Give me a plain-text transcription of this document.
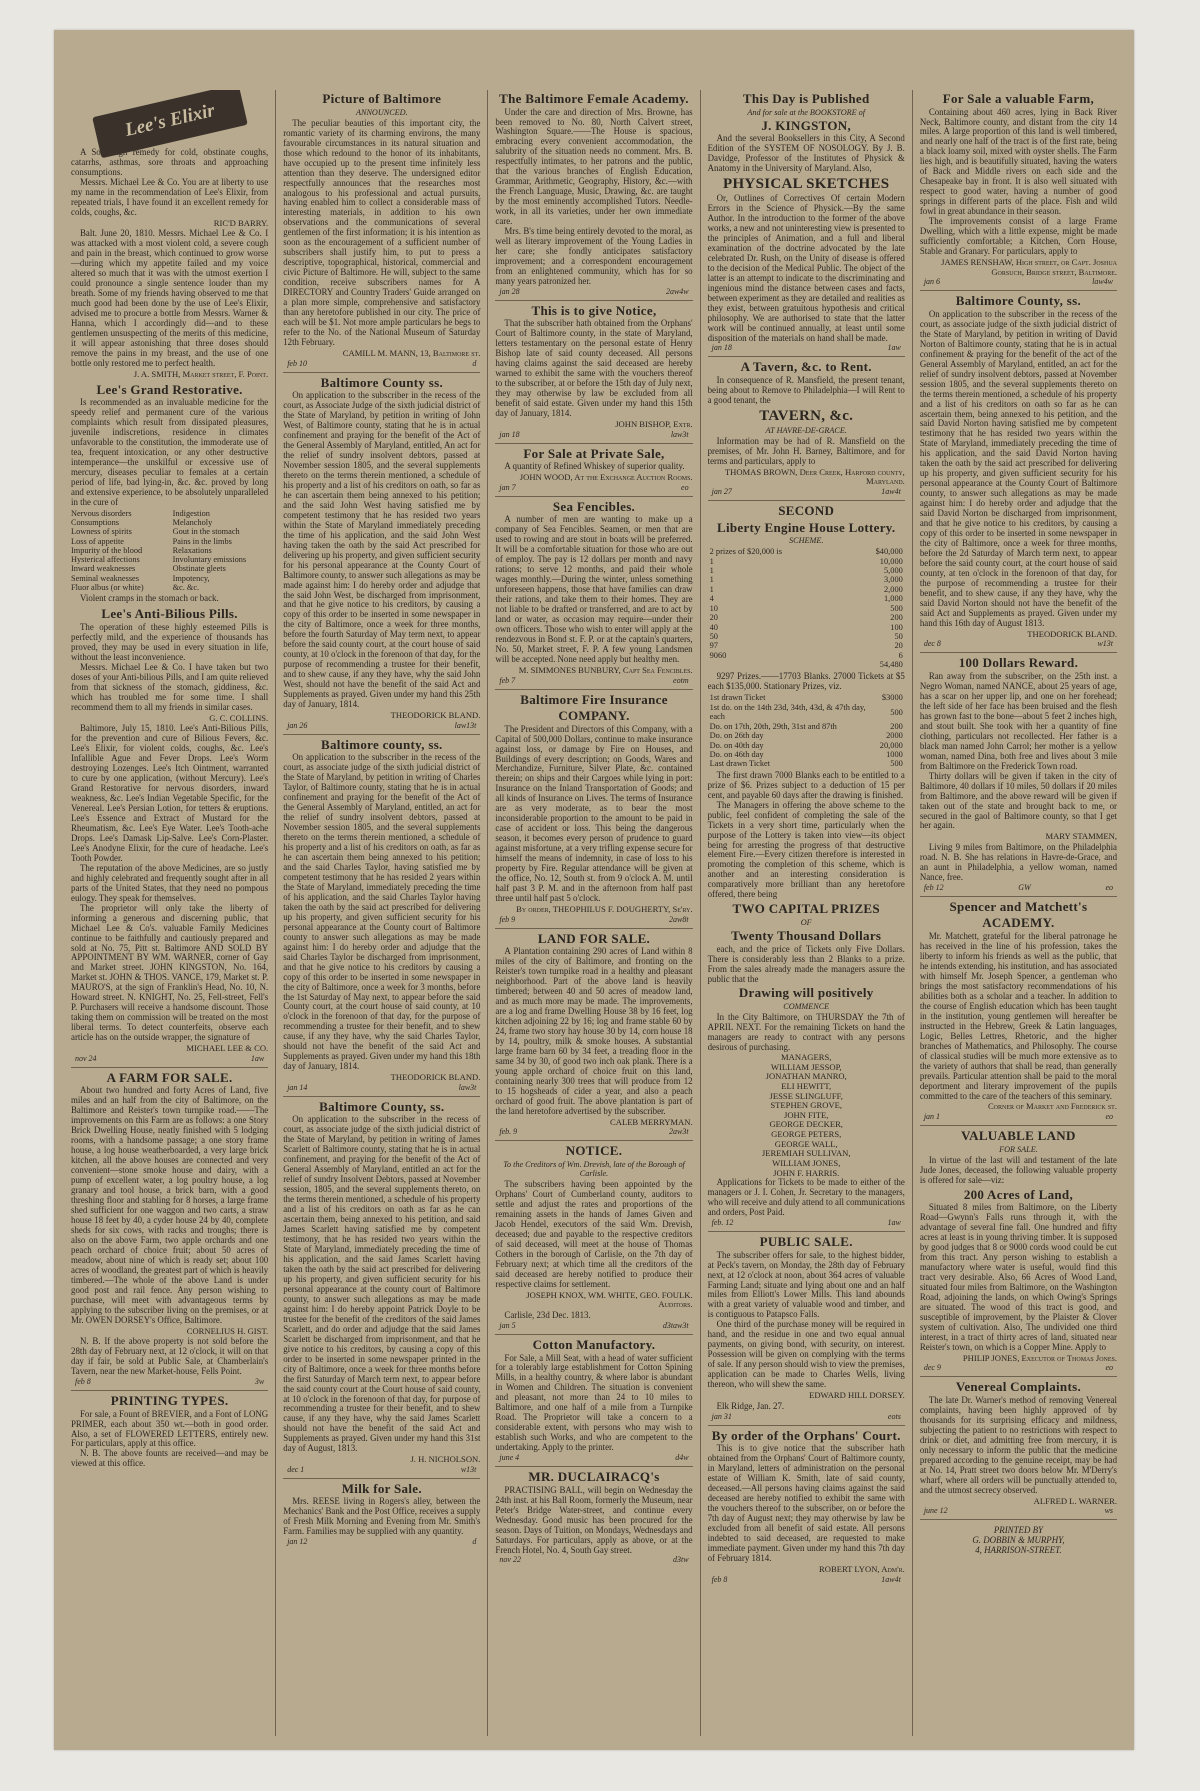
Lee's Elixir

A Sovereign remedy for cold, obstinate coughs, catarrhs, asthmas, sore throats and approaching consumptions.

Messrs. Michael Lee & Co. You are at liberty to use my name in the recommendation of Lee's Elixir, from repeated trials, I have found it an excellent remedy for colds, coughs, &c.

RIC'D BARRY.

Balt. June 20, 1810. Messrs. Michael Lee & Co. I was attacked with a most violent cold, a severe cough and pain in the breast, which continued to grow worse—during which my appetite failed and my voice altered so much that it was with the utmost exertion I could pronounce a single sentence louder than my breath. Some of my friends having observed to me that much good had been done by the use of Lee's Elixir, advised me to procure a bottle from Messrs. Warner & Hanna, which I accordingly did—and to these gentlemen unsuspecting of the merits of this medicine, it will appear astonishing that three doses should remove the pains in my breast, and the use of one bottle only restored me to perfect health.

J. A. SMITH, Market street, F. Point.
Lee's Grand Restorative.

Is recommended as an invaluable medicine for the speedy relief and permanent cure of the various complaints which result from dissipated pleasures, juvenile indiscretions, residence in climates unfavorable to the constitution, the immoderate use of tea, frequent intoxication, or any other destructive intemperance—the unskilful or excessive use of mercury, diseases peculiar to females at a certain period of life, bad lying-in, &c. &c. proved by long and extensive experience, to be absolutely unparalleled in the cure of

Nervous disorders	Indigestion
Consumptions	Melancholy
Lowness of spirits	Gout in the stomach
Loss of appetite	Pains in the limbs
Impurity of the blood	Relaxations
Hysterical affections	Involuntary emissions
Inward weaknesses	Obstinate gleets
Seminal weaknesses	Impotency,
Fluor albus (or white)	&c. &c.

Violent cramps in the stomach or back.

Lee's Anti-Bilious Pills.

The operation of these highly esteemed Pills is perfectly mild, and the experience of thousands has proved, they may be used in every situation in life, without the least inconvenience.

Messrs. Michael Lee & Co. I have taken but two doses of your Anti-bilious Pills, and I am quite relieved from that sickness of the stomach, giddiness, &c. which has troubled me for some time. I shall recommend them to all my friends in similar cases.

G. C. COLLINS.

Baltimore, July 15, 1810. Lee's Anti-Bilious Pills, for the prevention and cure of Bilious Fevers, &c. Lee's Elixir, for violent colds, coughs, &c. Lee's Infallible Ague and Fever Drops. Lee's Worm destroying Lozenges. Lee's Itch Ointment, warranted to cure by one application, (without Mercury). Lee's Grand Restorative for nervous disorders, inward weakness, &c. Lee's Indian Vegetable Specific, for the Venereal. Lee's Persian Lotion, for tetters & eruptions. Lee's Essence and Extract of Mustard for the Rheumatism, &c. Lee's Eye Water. Lee's Tooth-ache Drops. Lee's Damask Lip-Salve. Lee's Corn-Plaster. Lee's Anodyne Elixir, for the cure of headache. Lee's Tooth Powder.

The reputation of the above Medicines, are so justly and highly celebrated and frequently sought after in all parts of the United States, that they need no pompous eulogy. They speak for themselves.

The proprietor will only take the liberty of informing a generous and discerning public, that Michael Lee & Co's. valuable Family Medicines continue to be faithfully and cautiously prepared and sold at No. 75, Pitt st. Baltimore AND SOLD BY APPOINTMENT BY WM. WARNER, corner of Gay and Market street. JOHN KINGSTON, No. 164, Market st. JOHN & THOS. VANCE, 179, Market st. P. MAURO'S, at the sign of Franklin's Head, No. 10, N. Howard street. N. KNIGHT, No. 25, Fell-street, Fell's P. Purchasers will receive a handsome discount. Those taking them on commission will be treated on the most liberal terms. To detect counterfeits, observe each article has on the outside wrapper, the signature of

MICHAEL LEE & CO.
nov 24	1aw
A FARM FOR SALE.

About two hundred and forty Acres of Land, five miles and an half from the city of Baltimore, on the Baltimore and Reister's town turnpike road.——The improvements on this Farm are as follows: a one Story Brick Dwelling House, neatly finished with 5 lodging rooms, with a handsome passage; a one story frame house, a log house weatherboarded, a very large brick kitchen, all the above houses are connected and very convenient—stone smoke house and dairy, with a pump of excellent water, a log poultry house, a log granary and tool house, a brick barn, with a good threshing floor and stabling for 8 horses, a large frame shed sufficient for one waggon and two carts, a straw house 18 feet by 40, a cyder house 24 by 40, complete sheds for six cows, with racks and troughs; there is also on the above Farm, two apple orchards and one peach orchard of choice fruit; about 50 acres of meadow, about nine of which is ready set; about 100 acres of woodland, the greatest part of which is heavily timbered.—The whole of the above Land is under good post and rail fence. Any person wishing to purchase, will meet with advantageous terms by applying to the subscriber living on the premises, or at Mr. OWEN DORSEY's Office, Baltimore.

CORNELIUS H. GIST.

N. B. If the above property is not sold before the 28th day of February next, at 12 o'clock, it will on that day if fair, be sold at Public Sale, at Chamberlain's Tavern, near the new Market-house, Fells Point.

feb 8	3w
PRINTING TYPES.

For sale, a Fount of BREVIER, and a Font of LONG PRIMER, each about 350 wt.—both in good order. Also, a set of FLOWERED LETTERS, entirely new. For particulars, apply at this office.

N. B. The above founts are received—and may be viewed at this office.

Picture of Baltimore
ANNOUNCED.

The peculiar beauties of this important city, the romantic variety of its charming environs, the many favourable circumstances in its natural situation and those which redound to the honor of its inhabitants, have occupied up to the present time infinitely less attention than they deserve. The undersigned editor respectfully announces that the researches most analogous to his professional and actual pursuits, having enabled him to collect a considerable mass of interesting materials, in addition to his own observations and the communications of several gentlemen of the first information; it is his intention as soon as the encouragement of a sufficient number of subscribers shall justify him, to put to press a descriptive, topographical, historical, commercial and civic Picture of Baltimore. He will, subject to the same condition, receive subscribers names for A DIRECTORY and Country Traders' Guide arranged on a plan more simple, comprehensive and satisfactory than any heretofore published in our city. The price of each will be $1. Not more ample particulars he begs to refer to the No. of the National Museum of Saturday 12th February.

CAMILL M. MANN, 13, Baltimore st.
feb 10	d
Baltimore County ss.

On application to the subscriber in the recess of the court, as Associate Judge of the sixth judicial district of the State of Maryland, by petition in writing of John West, of Baltimore county, stating that he is in actual confinement and praying for the benefit of the Act of the General Assembly of Maryland, entitled, An act for the relief of sundry insolvent debtors, passed at November session 1805, and the several supplements thereto on the terms therein mentioned, a schedule of his property and a list of his creditors on oath, so far as he can ascertain them being annexed to his petition; and the said John West having satisfied me by competent testimony that he has resided two years within the State of Maryland immediately preceding the time of his application, and the said John West having taken the oath by the said Act prescribed for delivering up his property, and given sufficient security for his personal appearance at the County Court of Baltimore county, to answer such allegations as may be made against him: I do hereby order and adjudge that the said John West, be discharged from imprisonment, and that he give notice to his creditors, by causing a copy of this order to be inserted in some newspaper in the city of Baltimore, once a week for three months, before the fourth Saturday of May term next, to appear before the said county court, at the court house of said county, at 10 o'clock in the forenoon of that day, for the purpose of recommending a trustee for their benefit, and to shew cause, if any they have, why the said John West, should not have the benefit of the said Act and Supplements as prayed. Given under my hand this 25th day of January, 1814.

THEODORICK BLAND.
jan 26	law13t
Baltimore county, ss.

On application to the subscriber in the recess of the court, as associate judge of the sixth judicial district of the State of Maryland, by petition in writing of Charles Taylor, of Baltimore county, stating that he is in actual confinement and praying for the benefit of the Act of the General Assembly of Maryland, entitled, an act for the relief of sundry insolvent debtors, passed at November session 1805, and the several supplements thereto on the terms therein mentioned, a schedule of his property and a list of his creditors on oath, as far as he can ascertain them being annexed to his petition; and the said Charles Taylor, having satisfied me by competent testimony that he has resided 2 years within the State of Maryland, immediately preceding the time of his application, and the said Charles Taylor having taken the oath by the said act prescribed for delivering up his property, and given sufficient security for his personal appearance at the County court of Baltimore county to answer such allegations as may be made against him: I do hereby order and adjudge that the said Charles Taylor be discharged from imprisonment, and that he give notice to his creditors by causing a copy of this order to be inserted in some newspaper in the city of Baltimore, once a week for 3 months, before the 1st Saturday of May next, to appear before the said County court, at the court house of said county, at 10 o'clock in the forenoon of that day, for the purpose of recommending a trustee for their benefit, and to shew cause, if any they have, why the said Charles Taylor, should not have the benefit of the said Act and Supplements as prayed. Given under my hand this 18th day of January, 1814.

THEODORICK BLAND.
jan 14	law3t
Baltimore County, ss.

On application to the subscriber in the recess of court, as associate judge of the sixth judicial district of the State of Maryland, by petition in writing of James Scarlett of Baltimore county, stating that he is in actual confinement, and praying for the benefit of the Act of General Assembly of Maryland, entitled an act for the relief of sundry Insolvent Debtors, passed at November session, 1805, and the several supplements thereto, on the terms therein mentioned, a schedule of his property and a list of his creditors on oath as far as he can ascertain them, being annexed to his petition, and said James Scarlett having satisfied me by competent testimony, that he has resided two years within the State of Maryland, immediately preceding the time of his application, and the said James Scarlett having taken the oath by the said act prescribed for delivering up his property, and given sufficient security for his personal appearance at the county court of Baltimore county, to answer such allegations as may be made against him: I do hereby appoint Patrick Doyle to be trustee for the benefit of the creditors of the said James Scarlett, and do order and adjudge that the said James Scarlett be discharged from imprisonment, and that he give notice to his creditors, by causing a copy of this order to be inserted in some newspaper printed in the city of Baltimore, once a week for three months before the first Saturday of March term next, to appear before the said county court at the Court house of said county, at 10 o'clock in the forenoon of that day, for purpose of recommending a trustee for their benefit, and to shew cause, if any they have, why the said James Scarlett should not have the benefit of the said Act and Supplements as prayed. Given under my hand this 31st day of August, 1813.

J. H. NICHOLSON.
dec 1	w13t
Milk for Sale.

Mrs. REESE living in Rogers's alley, between the Mechanics' Bank and the Post Office, receives a supply of Fresh Milk Morning and Evening from Mr. Smith's Farm. Families may be supplied with any quantity.

jan 12	d
The Baltimore Female Academy.

Under the care and direction of Mrs. Browne, has been removed to No. 80, North Calvert street, Washington Square.——The House is spacious, embracing every convenient accommodation, the salubrity of the situation needs no comment. Mrs. B. respectfully intimates, to her patrons and the public, that the various branches of English Education, Grammar, Arithmetic, Geography, History, &c.—with the French Language, Music, Drawing, &c. are taught by the most eminently accomplished Tutors. Needle-work, in all its varieties, under her own immediate care.

Mrs. B's time being entirely devoted to the moral, as well as literary improvement of the Young Ladies in her care; she fondly anticipates satisfactory improvement; and a correspondent encouragement from an enlightened community, which has for so many years patronized her.

jan 28	2aw4w
This is to give Notice,

That the subscriber hath obtained from the Orphans' Court of Baltimore county, in the state of Maryland, letters testamentary on the personal estate of Henry Bishop late of said county deceased. All persons having claims against the said deceased are hereby warned to exhibit the same with the vouchers thereof to the subscriber, at or before the 15th day of July next, they may otherwise by law be excluded from all benefit of said estate. Given under my hand this 15th day of January, 1814.

JOHN BISHOP, Extr.
jan 18	law3t
For Sale at Private Sale,

A quantity of Refined Whiskey of superior quality.

JOHN WOOD, At the Exchange Auction Rooms.
jan 7	eo
Sea Fencibles.

A number of men are wanting to make up a company of Sea Fencibles. Seamen, or men that are used to rowing and are stout in boats will be preferred. It will be a comfortable situation for those who are out of employ. The pay is 12 dollars per month and navy rations; to serve 12 months, and paid their whole wages monthly.—During the winter, unless something unforeseen happens, those that have families can draw their rations, and take them to their homes. They are not liable to be drafted or transferred, and are to act by land or water, as occasion may require—under their own officers. Those who wish to enter will apply at the rendezvous in Bond st. F. P. or at the captain's quarters, No. 50, Market street, F. P. A few young Landsmen will be accepted. None need apply but healthy men.

M. SIMMONES BUNBURY, Capt Sea Fencibles.
feb 7	eotm
Baltimore Fire Insurance
COMPANY.

The President and Directors of this Company, with a Capital of 500,000 Dollars, continue to make insurance against loss, or damage by Fire on Houses, and Buildings of every description; on Goods, Wares and Merchandize, Furniture, Silver Plate, &c. contained therein; on ships and their Cargoes while lying in port: Insurance on the Inland Transportation of Goods; and all kinds of Insurance on Lives. The terms of Insurance are as very moderate, as to bear the most inconsiderable proportion to the amount to be paid in case of accident or loss. This being the dangerous season, it becomes every person of prudence to guard against misfortune, at a very trifling expense secure for himself the means of indemnity, in case of loss to his property by Fire. Regular attendance will be given at the office, No. 12, South st. from 9 o'clock A. M. until half past 3 P. M. and in the afternoon from half past three until half past 5 o'clock.

By order, THEOPHILUS F. DOUGHERTY, Se'ry.
feb 9	2aw8t
LAND FOR SALE.

A Plantation containing 290 acres of Land within 8 miles of the city of Baltimore, and fronting on the Reister's town turnpike road in a healthy and pleasant neighborhood. Part of the above land is heavily timbered; between 40 and 50 acres of meadow land, and as much more may be made. The improvements, are a log and frame Dwelling House 38 by 16 feet, log kitchen adjoining 22 by 16; log and frame stable 60 by 24, frame two story hay house 30 by 14, corn house 18 by 14, poultry, milk & smoke houses. A substantial large frame barn 60 by 34 feet, a treading floor in the same 34 by 30, of good two inch oak plank. There is a young apple orchard of choice fruit on this land, containing nearly 300 trees that will produce from 12 to 15 hogsheads of cider a year, and also a peach orchard of good fruit. The above plantation is part of the land heretofore advertised by the subscriber.

CALEB MERRYMAN.
feb. 9	2aw3t
NOTICE.
To the Creditors of Wm. Drevish, late of the Borough of Carlisle.

The subscribers having been appointed by the Orphans' Court of Cumberland county, auditors to settle and adjust the rates and proportions of the remaining assets in the hands of James Given and Jacob Hendel, executors of the said Wm. Drevish, deceased; due and payable to the respective creditors of said deceased, will meet at the house of Thomas Cothers in the borough of Carlisle, on the 7th day of February next; at which time all the creditors of the said deceased are hereby notified to produce their respective claims for settlement.

JOSEPH KNOX, WM. WHITE, GEO. FOULK. Auditors.

Carlisle, 23d Dec. 1813.

jan 5	d3taw3t
Cotton Manufactory.

For Sale, a Mill Seat, with a head of water sufficient for a tolerably large establishment for Cotton Spining Mills, in a healthy country, & where labor is abundant in Women and Children. The situation is convenient and pleasant, not more than 24 to 10 miles to Baltimore, and one half of a mile from a Turnpike Road. The Proprietor will take a concern to a considerable extent, with persons who may wish to establish such Works, and who are competent to the undertaking. Apply to the printer.

june 4	d4w
MR. DUCLAIRACQ's

PRACTISING BALL, will begin on Wednesday the 24th inst. at his Ball Room, formerly the Museum, near Peter's Bridge Water-street, and continue every Wednesday. Good music has been procured for the season. Days of Tuition, on Mondays, Wednesdays and Saturdays. For particulars, apply as above, or at the French Hotel, No. 4, South Gay street.

nov 22	d3tw
This Day is Published
And for sale at the BOOKSTORE of
J. KINGSTON,

And the several Booksellers in this City, A Second Edition of the SYSTEM OF NOSOLOGY. By J. B. Davidge, Professor of the Institutes of Physick & Anatomy in the University of Maryland. Also,

PHYSICAL SKETCHES

Or, Outlines of Correctives Of certain Modern Errors in the Science of Physick.—By the same Author. In the introduction to the former of the above works, a new and not uninteresting view is presented to the principles of Animation, and a full and liberal examination of the doctrine advocated by the late celebrated Dr. Rush, on the Unity of disease is offered to the decision of the Medical Public. The object of the latter is an attempt to indicate to the discriminating and ingenious mind the distance between cases and facts, between experiment as they are detailed and realities as they exist, between gratuitous hypothesis and critical philosophy. We are authorised to state that the latter work will be continued annually, at least until some disposition of the materials on hand shall be made.

jan 18	1aw
A Tavern, &c. to Rent.

In consequence of R. Mansfield, the present tenant, being about to Remove to Philadelphia—I will Rent to a good tenant, the

TAVERN, &c.
AT HAVRE-DE-GRACE.

Information may be had of R. Mansfield on the premises, of Mr. John H. Barney, Baltimore, and for terms and particulars, apply to

THOMAS BROWN, Deer Creek, Harford county, Maryland.
jan 27	1aw4t
SECOND
Liberty Engine House Lottery.
SCHEME.
2 prizes of $20,000 is	$40,000
1	10,000
1	5,000
1	3,000
1	2,000
4	1,000
10	500
20	200
40	100
50	50
97	20
9060	6
	54,480

9297 Prizes.——17703 Blanks. 27000 Tickets at $5 each $135,000. Stationary Prizes, viz.

1st drawn Ticket	$3000
1st do. on the 14th 23d, 34th, 43d, & 47th day, each	500
Do. on 17th, 20th, 29th, 31st and 87th	200
Do. on 26th day	2000
Do. on 40th day	20,000
Do. on 46th day	1000
Last drawn Ticket	500

The first drawn 7000 Blanks each to be entitled to a prize of $6. Prizes subject to a deduction of 15 per cent, and payable 60 days after the drawing is finished.

The Managers in offering the above scheme to the public, feel confident of completing the sale of the Tickets in a very short time, particularly when the purpose of the Lottery is taken into view—its object being for arresting the progress of that destructive element Fire.—Every citizen therefore is interested in promoting the completion of this scheme, which is another and an interesting consideration is comparatively more brilliant than any heretofore offered, there being

TWO CAPITAL PRIZES
OF
Twenty Thousand Dollars

each, and the price of Tickets only Five Dollars. There is considerably less than 2 Blanks to a prize. From the sales already made the managers assure the public that the

Drawing will positively
COMMENCE

In the City Baltimore, on THURSDAY the 7th of APRIL NEXT. For the remaining Tickets on hand the managers are ready to contract with any persons desirous of purchasing.

MANAGERS,
WILLIAM JESSOP,
JONATHAN MANRO,
ELI HEWITT,
JESSE SLINGLUFF,
STEPHEN GROVE,
JOHN FITE,
GEORGE DECKER,
GEORGE PETERS,
GEORGE WALL,
JEREMIAH SULLIVAN,
WILLIAM JONES,
JOHN F. HARRIS.

Applications for Tickets to be made to either of the managers or J. I. Cohen, Jr. Secretary to the managers, who will receive and duly attend to all communications and orders, Post Paid.

feb. 12	1aw
PUBLIC SALE.

The subscriber offers for sale, to the highest bidder, at Peck's tavern, on Monday, the 28th day of February next, at 12 o'clock at noon, about 364 acres of valuable Farming Land; situate and lying about one and an half miles from Elliott's Lower Mills. This land abounds with a great variety of valuable wood and timber, and is contiguous to Patapsco Falls.

One third of the purchase money will be required in hand, and the residue in one and two equal annual payments, on giving bond, with security, on interest. Possession will be given on complying with the terms of sale. If any person should wish to view the premises, application can be made to Charles Wells, living thereon, who will shew the same.

EDWARD HILL DORSEY.

Elk Ridge, Jan. 27.

jan 31	eots
By order of the Orphans' Court.

This is to give notice that the subscriber hath obtained from the Orphans' Court of Baltimore county, in Maryland, letters of administration on the personal estate of William K. Smith, late of said county, deceased.—All persons having claims against the said deceased are hereby notified to exhibit the same with the vouchers thereof to the subscriber, on or before the 7th day of August next; they may otherwise by law be excluded from all benefit of said estate. All persons indebted to said deceased, are requested to make immediate payment. Given under my hand this 7th day of February 1814.

ROBERT LYON, Adm'r.
feb 8	1aw4t
For Sale a valuable Farm,

Containing about 460 acres, lying in Back River Neck, Baltimore county, and distant from the city 14 miles. A large proportion of this land is well timbered, and nearly one half of the tract is of the first rate, being a black loamy soil, mixed with oyster shells. The Farm lies high, and is beautifully situated, having the waters of Back and Middle rivers on each side and the Chesapeake bay in front. It is also well situated with respect to good water, having a number of good springs in different parts of the place. Fish and wild fowl in great abundance in their season.

The improvements consist of a large Frame Dwelling, which with a little expense, might be made sufficiently comfortable; a Kitchen, Corn House, Stable and Granary. For particulars, apply to

JAMES RENSHAW, High street, or Capt. Joshua Gorsuch, Bridge street, Baltimore.
jan 6	law4w
Baltimore County, ss.

On application to the subscriber in the recess of the court, as associate judge of the sixth judicial district of the State of Maryland, by petition in writing of David Norton of Baltimore county, stating that he is in actual confinement & praying for the benefit of the act of the General Assembly of Maryland, entitled, an act for the relief of sundry insolvent debtors, passed at November session 1805, and the several supplements thereto on the terms therein mentioned, a schedule of his property and a list of his creditors on oath so far as he can ascertain them, being annexed to his petition, and the said David Norton having satisfied me by competent testimony that he has resided two years within the State of Maryland, immediately preceding the time of his application, and the said David Norton having taken the oath by the said act prescribed for delivering up his property, and given sufficient security for his personal appearance at the County Court of Baltimore county, to answer such allegations as may be made against him: I do hereby order and adjudge that the said David Norton be discharged from imprisonment, and that he give notice to his creditors, by causing a copy of this order to be inserted in some newspaper in the city of Baltimore, once a week for three months, before the 2d Saturday of March term next, to appear before the said county court, at the court house of said county, at ten o'clock in the forenoon of that day, for the purpose of recommending a trustee for their benefit, and to shew cause, if any they have, why the said David Norton should not have the benefit of the said Act and Supplements as prayed. Given under my hand this 16th day of August 1813.

THEODORICK BLAND.
dec 8	w13t
100 Dollars Reward.

Ran away from the subscriber, on the 25th inst. a Negro Woman, named NANCE, about 25 years of age, has a scar on her upper lip, and one on her forehead; the left side of her face has been bruised and the flesh has grown fast to the bone—about 5 feet 2 inches high, and stout built. She took with her a quantity of fine clothing, particulars not recollected. Her father is a black man named John Carrol; her mother is a yellow woman, named Dina, both free and lives about 3 mile from Baltimore on the Frederick Town road.

Thirty dollars will be given if taken in the city of Baltimore, 40 dollars if 10 miles, 50 dollars if 20 miles from Baltimore, and the above reward will be given if taken out of the state and brought back to me, or secured in the gaol of Baltimore county, so that I get her again.

MARY STAMMEN,

Living 9 miles from Baltimore, on the Philadelphia road. N. B. She has relations in Havre-de-Grace, and an aunt in Philadelphia, a yellow woman, named Nance, free.

feb 12	GW	eo
Spencer and Matchett's
ACADEMY.

Mr. Matchett, grateful for the liberal patronage he has received in the line of his profession, takes the liberty to inform his friends as well as the public, that he intends extending, his institution, and has associated with himself Mr. Joseph Spencer, a gentleman who brings the most satisfactory recommendations of his abilities both as a scholar and a teacher. In addition to the course of English education which has been taught in the institution, young gentlemen will hereafter be instructed in the Hebrew, Greek & Latin languages, Logic, Belles Lettres, Rhetoric, and the higher branches of Mathematics, and Philosophy. The course of classical studies will be much more extensive as to the variety of authors that shall be read, than generally prevails. Particular attention shall be paid to the moral deportment and literary improvement of the pupils committed to the care of the teachers of this seminary.

Corner of Market and Frederick st.
jan 1	eo
VALUABLE LAND
FOR SALE.

In virtue of the last will and testament of the late Jude Jones, deceased, the following valuable property is offered for sale—viz:

200 Acres of Land,

Situated 8 miles from Baltimore, on the Liberty Road—Gwynn's Falls runs through it, with the advantage of several fine fall. One hundred and fifty acres at least is in young thriving timber. It is supposed by good judges that 8 or 9000 cords wood could be cut from this tract. Any person wishing to establish a manufactory where water is useful, would find this tract very desirable. Also, 66 Acres of Wood Land, situated four miles from Baltimore, on the Washington Road, adjoining the lands, on which Owing's Springs are situated. The wood of this tract is good, and susceptible of improvement, by the Plaister & Clover system of cultivation. Also, The undivided one third interest, in a tract of thirty acres of land, situated near Reister's town, on which is a Copper Mine. Apply to

PHILIP JONES, Executor of Thomas Jones.
dec 9	eo
Venereal Complaints.

The late Dr. Warner's method of removing Venereal complaints, having been highly approved of by thousands for its surprising efficacy and mildness, subjecting the patient to no restrictions with respect to drink or diet, and admitting free from mercury, it is only necessary to inform the public that the medicine prepared according to the genuine receipt, may be had at No. 14, Pratt street two doors below Mr. M'Derry's wharf, where all orders will be punctually attended to, and the utmost secrecy observed.

ALFRED L. WARNER.
june 12	ws
PRINTED BY
G. DOBBIN & MURPHY,
4, HARRISON-STREET.
